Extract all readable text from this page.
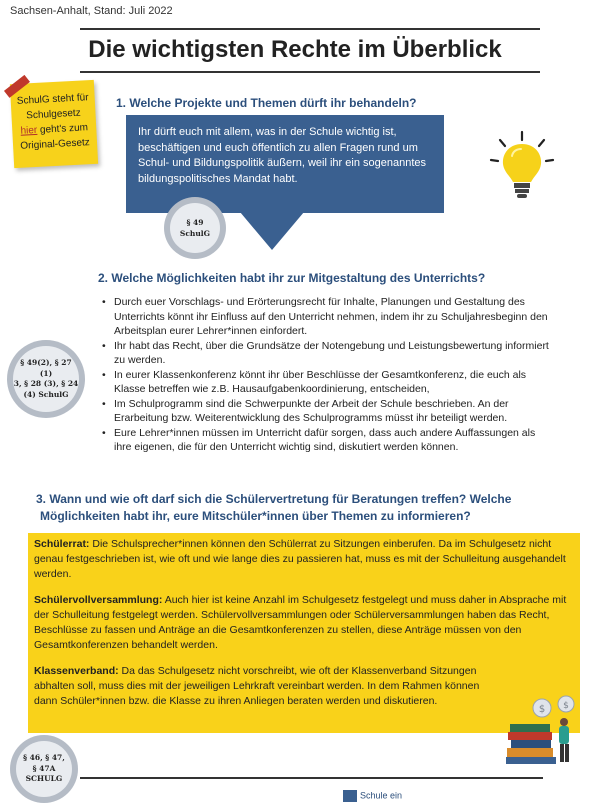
Sachsen-Anhalt, Stand: Juli 2022
Die wichtigsten Rechte im Überblick
SchulG steht für
Schulgesetz
hier geht's zum
Original-Gesetz
1. Welche Projekte und Themen dürft ihr behandeln?
Ihr dürft euch mit allem, was in der Schule wichtig ist, beschäftigen und euch öffentlich zu allen Fragen rund um Schul- und Bildungspolitik äußern, weil ihr ein sogenanntes bildungspolitisches Mandat habt.
§ 49
SchulG
2. Welche Möglichkeiten habt ihr zur Mitgestaltung des Unterrichts?
§ 49(2), § 27 (1)
3, § 28 (3), § 24
(4) SchulG
• Durch euer Vorschlags- und Erörterungsrecht für Inhalte, Planungen und Gestaltung des Unterrichts könnt ihr Einfluss auf den Unterricht nehmen, indem ihr zu Schuljahresbeginn den Arbeitsplan eurer Lehrer*innen einfordert.
• Ihr habt das Recht, über die Grundsätze der Notengebung und Leistungsbewertung informiert zu werden.
• In eurer Klassenkonferenz könnt ihr über Beschlüsse der Gesamtkonferenz, die euch als Klasse betreffen wie z.B. Hausaufgabenkoordinierung, entscheiden,
• Im Schulprogramm sind die Schwerpunkte der Arbeit der Schule beschrieben. An der Erarbeitung bzw. Weiterentwicklung des Schulprogramms müsst ihr beteiligt werden.
• Eure Lehrer*innen müssen im Unterricht dafür sorgen, dass auch andere Auffassungen als ihre eigenen, die für den Unterricht wichtig sind, diskutiert werden können.
3. Wann und wie oft darf sich die Schülervertretung für Beratungen treffen? Welche
Möglichkeiten habt ihr, eure Mitschüler*innen über Themen zu informieren?

Schülerrat: Die Schulsprecher*innen können den Schülerrat zu Sitzungen einberufen. Da im Schulgesetz nicht genau festgeschrieben ist, wie oft und wie lange dies zu passieren hat, muss es mit der Schulleitung ausgehandelt werden.

Schülervollversammlung: Auch hier ist keine Anzahl im Schulgesetz festgelegt und muss daher in Absprache mit der Schulleitung festgelegt werden. Schülervollversammlungen oder Schülerversammlungen haben das Recht, Beschlüsse zu fassen und Anträge an die Gesamtkonferenzen zu stellen, diese Anträge müssen von den Gesamtkonferenzen behandelt werden.

Klassenverband: Da das Schulgesetz nicht vorschreibt, wie oft der Klassenverband Sitzungen abhalten soll, muss dies mit der jeweiligen Lehrkraft vereinbart werden. In dem Rahmen können dann Schüler*innen bzw. die Klasse zu ihren Anliegen beraten werden und diskutieren.

$ $
§ 46, § 47,
§ 47A
SCHULG
Schule ein
